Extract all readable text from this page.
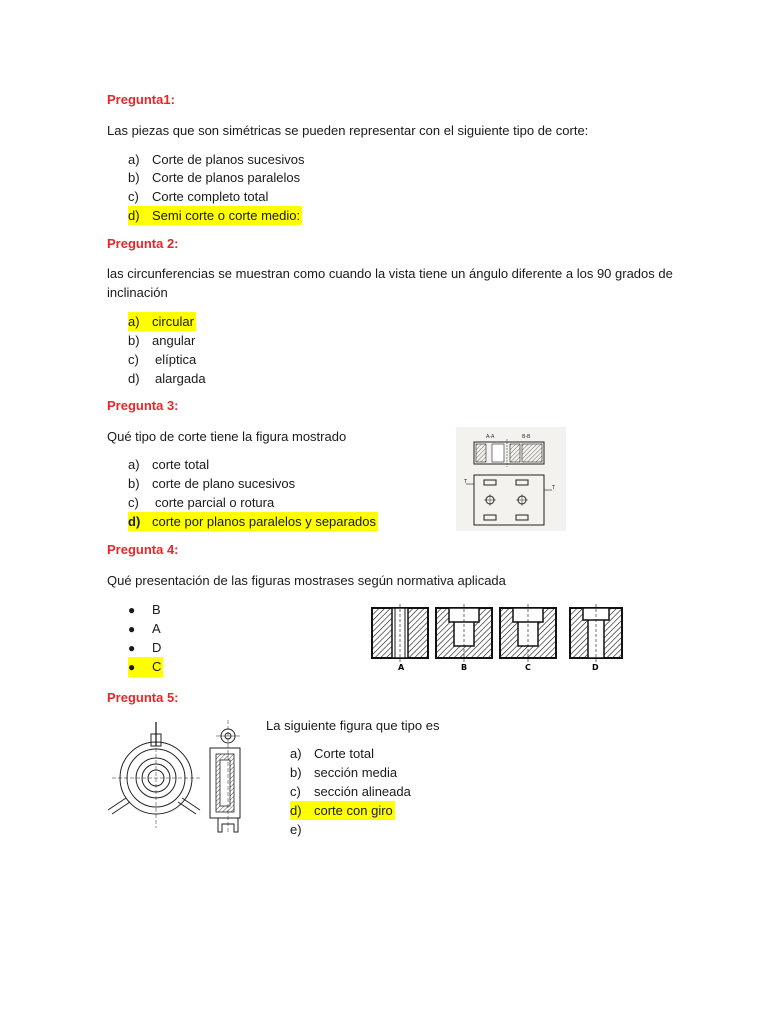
Pregunta1:
Las piezas que son simétricas se pueden representar con el siguiente tipo de corte:
a) Corte de planos sucesivos
b) Corte de planos paralelos
c)	Corte completo total
d) Semi corte o corte medio:
Pregunta 2:
las circunferencias se muestran como cuando la vista tiene un ángulo diferente a los 90 grados de
inclinación
a) circular
b) angular
c)	elíptica
d)	alargada
Pregunta 3:
Qué tipo de corte tiene la figura mostrado
a) corte total
b) corte de plano sucesivos
c)	corte parcial o rotura
d) corte por planos paralelos y separados
A-A	B-B
T
T
Pregunta 4:
Qué presentación de las figuras mostrases según normativa aplicada
●	B
●	A
●	D
●	C	A	B	C	D
Pregunta 5:
La siguiente figura que tipo es
a) Corte total
b) sección media
c)	sección alineada
d) corte con giro
e)
